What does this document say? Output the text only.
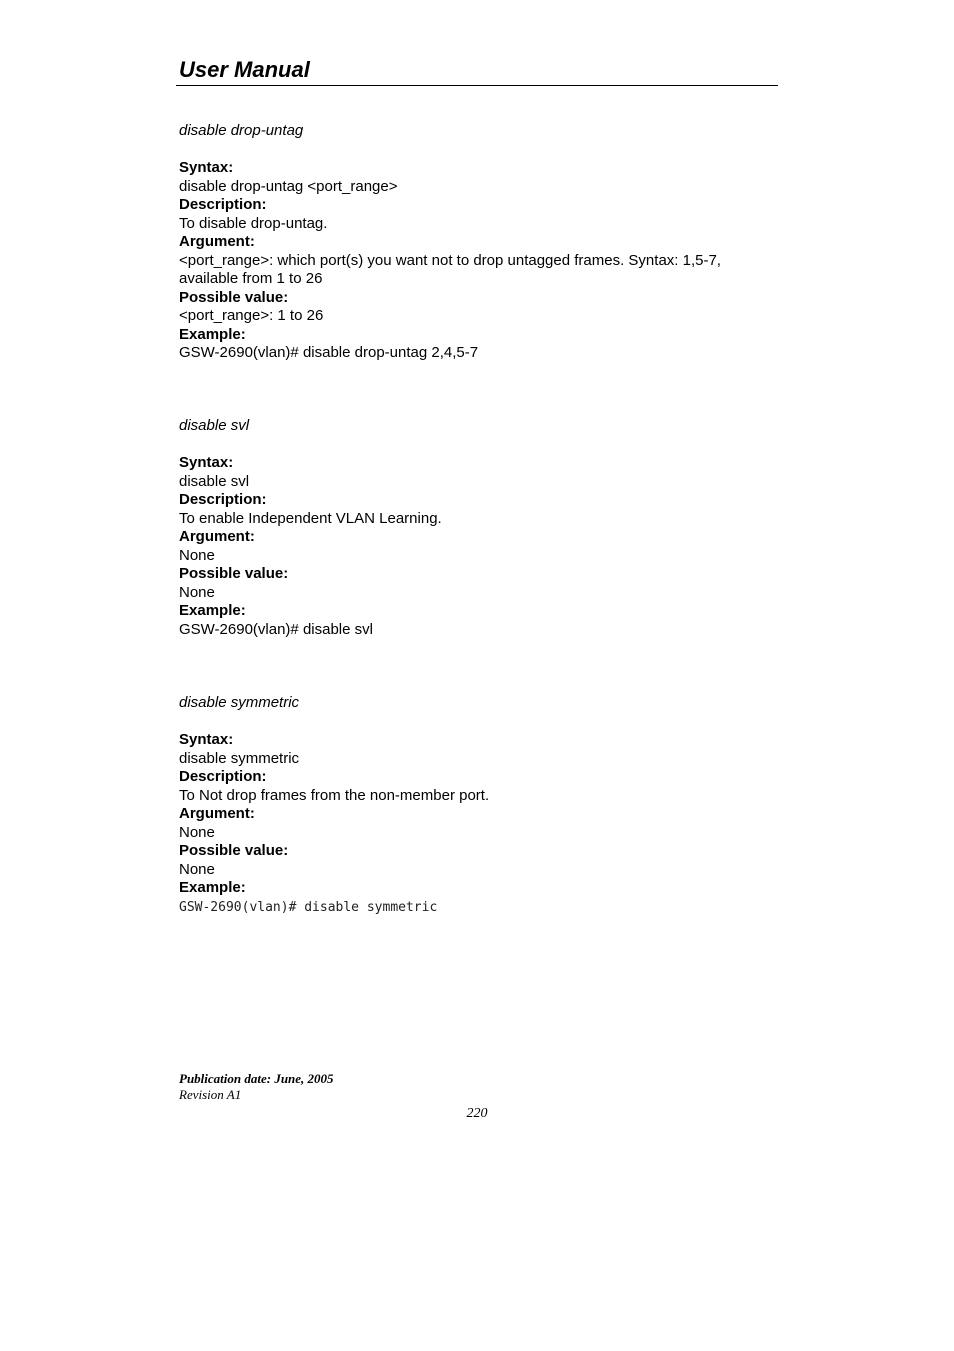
User Manual

disable drop-untag

Syntax:

disable drop-untag <port_range>

Description:

To disable drop-untag.

Argument:

<port_range>: which port(s) you want not to drop untagged frames. Syntax: 1,5-7,

available from 1 to 26

Possible value:

<port_range>: 1 to 26

Example:

GSW-2690(vlan)# disable drop-untag 2,4,5-7

disable svl

Syntax:

disable svl

Description:

To enable Independent VLAN Learning.

Argument:

None

Possible value:

None

Example:

GSW-2690(vlan)# disable svl

disable symmetric

Syntax:

disable symmetric

Description:

To Not drop frames from the non-member port.

Argument:

None

Possible value:

None

Example:

GSW-2690(vlan)# disable symmetric

Publication date: June, 2005
Revision A1
220
